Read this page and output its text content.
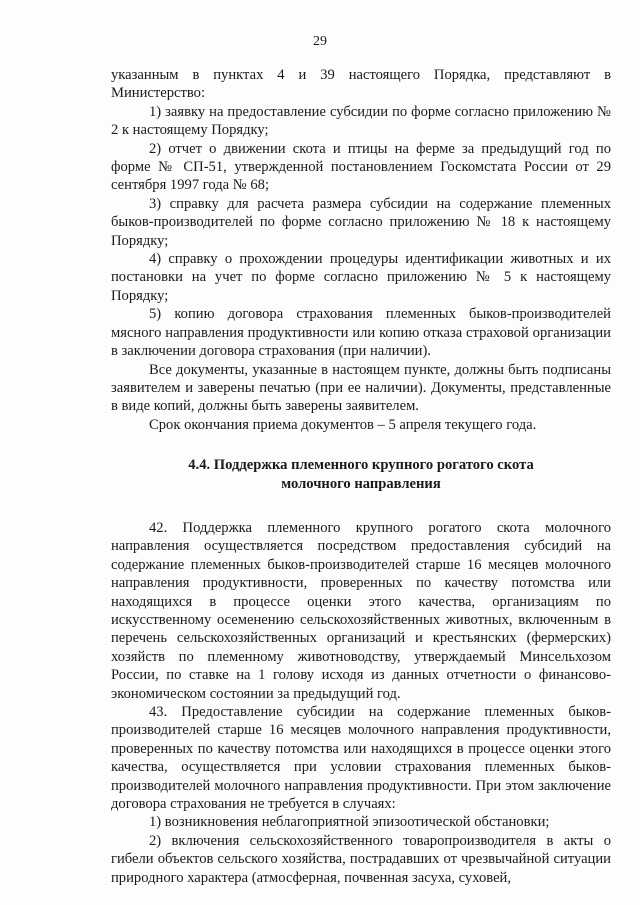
29

указанным в пунктах 4 и 39 настоящего Порядка, представляют в Министерство:

1) заявку на предоставление субсидии по форме согласно приложению № 2 к настоящему Порядку;

2) отчет о движении скота и птицы на ферме за предыдущий год по форме № СП-51, утвержденной постановлением Госкомстата России от 29 сентября 1997 года № 68;

3) справку для расчета размера субсидии на содержание племенных быков-производителей по форме согласно приложению № 18 к настоящему Порядку;

4) справку о прохождении процедуры идентификации животных и их постановки на учет по форме согласно приложению № 5 к настоящему Порядку;

5) копию договора страхования племенных быков-производителей мясного направления продуктивности или копию отказа страховой организации в заключении договора страхования (при наличии).

Все документы, указанные в настоящем пункте, должны быть подписаны заявителем и заверены печатью (при ее наличии). Документы, представленные в виде копий, должны быть заверены заявителем.

Срок окончания приема документов – 5 апреля текущего года.

4.4. Поддержка племенного крупного рогатого скота
молочного направления

42. Поддержка племенного крупного рогатого скота молочного направления осуществляется посредством предоставления субсидий на содержание племенных быков-производителей старше 16 месяцев молочного направления продуктивности, проверенных по качеству потомства или находящихся в процессе оценки этого качества, организациям по искусственному осеменению сельскохозяйственных животных, включенным в перечень сельскохозяйственных организаций и крестьянских (фермерских) хозяйств по племенному животноводству, утверждаемый Минсельхозом России, по ставке на 1 голову исходя из данных отчетности о финансово-экономическом состоянии за предыдущий год.

43. Предоставление субсидии на содержание племенных быков-производителей старше 16 месяцев молочного направления продуктивности, проверенных по качеству потомства или находящихся в процессе оценки этого качества, осуществляется при условии страхования племенных быков-производителей молочного направления продуктивности. При этом заключение договора страхования не требуется в случаях:

1) возникновения неблагоприятной эпизоотической обстановки;

2) включения сельскохозяйственного товаропроизводителя в акты о гибели объектов сельского хозяйства, пострадавших от чрезвычайной ситуации природного характера (атмосферная, почвенная засуха, суховей,
